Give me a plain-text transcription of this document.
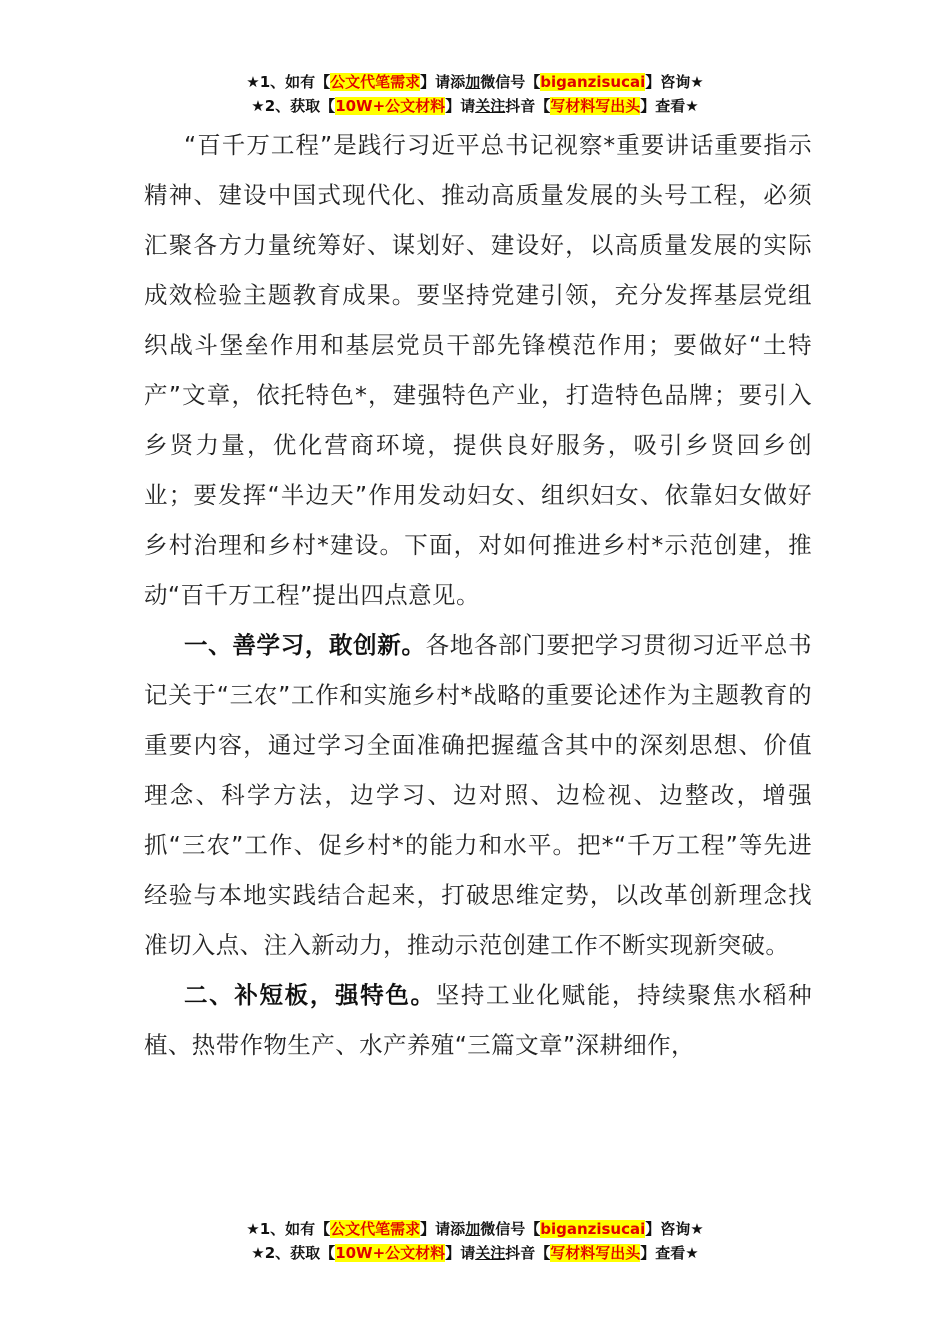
★1、如有【公文代笔需求】请添加微信号【biganzisucai】咨询★
★2、获取【10W+公文材料】请关注抖音【写材料写出头】查看★

“百千万工程”是践行习近平总书记视察*重要讲话重要指示精神、建设中国式现代化、推动高质量发展的头号工程，必须汇聚各方力量统筹好、谋划好、建设好，以高质量发展的实际成效检验主题教育成果。要坚持党建引领，充分发挥基层党组织战斗堡垒作用和基层党员干部先锋模范作用；要做好“土特产”文章，依托特色*，建强特色产业，打造特色品牌；要引入乡贤力量，优化营商环境，提供良好服务，吸引乡贤回乡创业；要发挥“半边天”作用发动妇女、组织妇女、依靠妇女做好乡村治理和乡村*建设。下面，对如何推进乡村*示范创建，推动“百千万工程”提出四点意见。

一、善学习，敢创新。各地各部门要把学习贯彻习近平总书记关于“三农”工作和实施乡村*战略的重要论述作为主题教育的重要内容，通过学习全面准确把握蕴含其中的深刻思想、价值理念、科学方法，边学习、边对照、边检视、边整改，增强抓“三农”工作、促乡村*的能力和水平。把*“千万工程”等先进经验与本地实践结合起来，打破思维定势，以改革创新理念找准切入点、注入新动力，推动示范创建工作不断实现新突破。

二、补短板，强特色。坚持工业化赋能，持续聚焦水稻种植、热带作物生产、水产养殖“三篇文章”深耕细作，

★1、如有【公文代笔需求】请添加微信号【biganzisucai】咨询★
★2、获取【10W+公文材料】请关注抖音【写材料写出头】查看★
